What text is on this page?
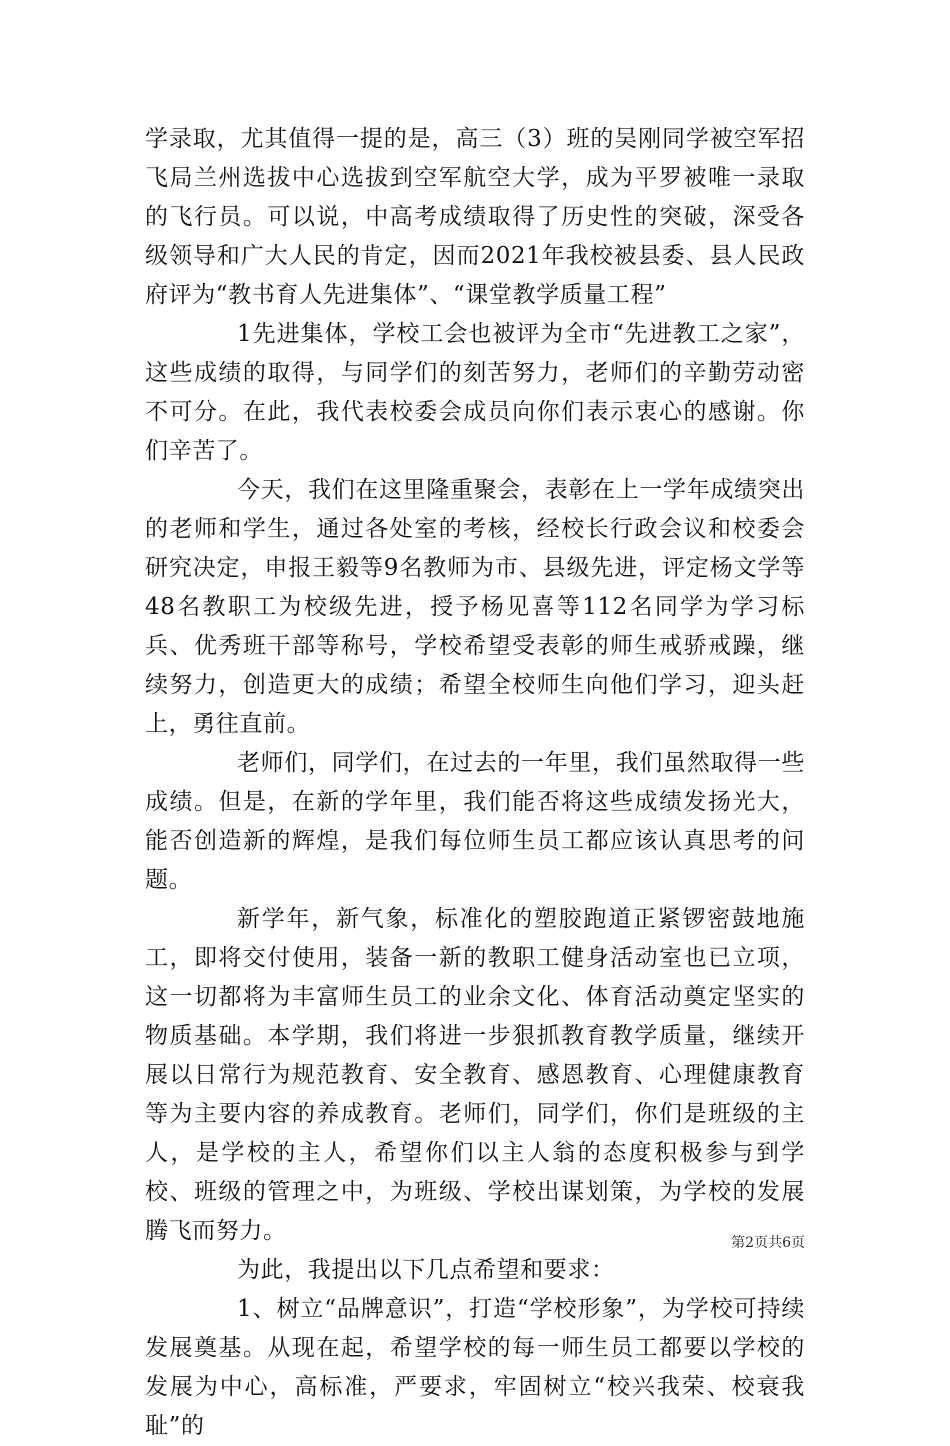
学录取，尤其值得一提的是，高三（3）班的吴刚同学被空军招飞局兰州选拔中心选拔到空军航空大学，成为平罗被唯一录取的飞行员。可以说，中高考成绩取得了历史性的突破，深受各级领导和广大人民的肯定，因而2021年我校被县委、县人民政府评为“教书育人先进集体”、“课堂教学质量工程”

1先进集体，学校工会也被评为全市“先进教工之家”，这些成绩的取得，与同学们的刻苦努力，老师们的辛勤劳动密不可分。在此，我代表校委会成员向你们表示衷心的感谢。你们辛苦了。

今天，我们在这里隆重聚会，表彰在上一学年成绩突出的老师和学生，通过各处室的考核，经校长行政会议和校委会研究决定，申报王毅等9名教师为市、县级先进，评定杨文学等48名教职工为校级先进，授予杨见喜等112名同学为学习标兵、优秀班干部等称号，学校希望受表彰的师生戒骄戒躁，继续努力，创造更大的成绩；希望全校师生向他们学习，迎头赶上，勇往直前。

老师们，同学们，在过去的一年里，我们虽然取得一些成绩。但是，在新的学年里，我们能否将这些成绩发扬光大，能否创造新的辉煌，是我们每位师生员工都应该认真思考的问题。

新学年，新气象，标准化的塑胶跑道正紧锣密鼓地施工，即将交付使用，装备一新的教职工健身活动室也已立项，这一切都将为丰富师生员工的业余文化、体育活动奠定坚实的物质基础。本学期，我们将进一步狠抓教育教学质量，继续开展以日常行为规范教育、安全教育、感恩教育、心理健康教育等为主要内容的养成教育。老师们，同学们，你们是班级的主人，是学校的主人，希望你们以主人翁的态度积极参与到学校、班级的管理之中，为班级、学校出谋划策，为学校的发展腾飞而努力。

为此，我提出以下几点希望和要求：

1、树立“品牌意识”，打造“学校形象”，为学校可持续发展奠基。从现在起，希望学校的每一师生员工都要以学校的发展为中心，高标准，严要求，牢固树立“校兴我荣、校衰我耻”的

第2页共6页
